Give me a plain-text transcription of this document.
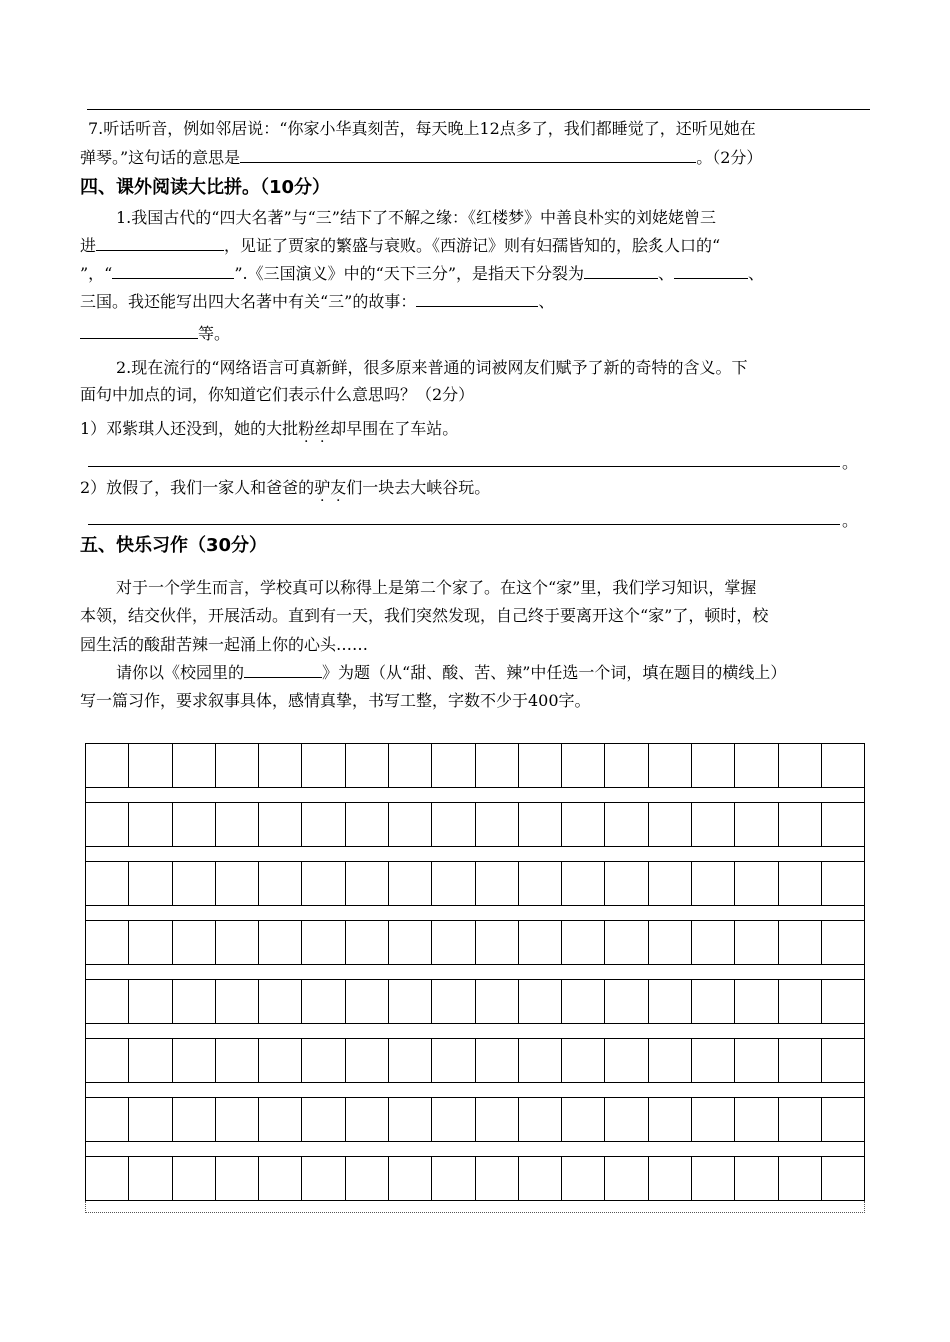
7.听话听音，例如邻居说：“你家小华真刻苦，每天晚上12点多了，我们都睡觉了，还听见她在
弹琴。”这句话的意思是	。（2分）
四、课外阅读大比拼。（10分）
1.我国古代的“四大名著”与“三”结下了不解之缘：《红楼梦》中善良朴实的刘姥姥曾三
进	，见证了贾家的繁盛与衰败。《西游记》则有妇孺皆知的，脍炙人口的“
”，“	”.《三国演义》中的“天下三分”，是指天下分裂为	、	、
三国。我还能写出四大名著中有关“三”的故事：	、
等。
2.现在流行的“网络语言可真新鲜，很多原来普通的词被网友们赋予了新的奇特的含义。下
面句中加点的词，你知道它们表示什么意思吗？（2分）
1）邓紫琪人还没到，她的大批粉丝却早围在了车站。
。
2）放假了，我们一家人和爸爸的驴友们一块去大峡谷玩。
。
五、快乐习作（30分）
对于一个学生而言，学校真可以称得上是第二个家了。在这个“家”里，我们学习知识，掌握
本领，结交伙伴，开展活动。直到有一天，我们突然发现，自己终于要离开这个“家”了，顿时，校
园生活的酸甜苦辣一起涌上你的心头……
请你以《校园里的	》为题（从“甜、酸、苦、辣”中任选一个词，填在题目的横线上）
写一篇习作，要求叙事具体，感情真挚，书写工整，字数不少于400字。
